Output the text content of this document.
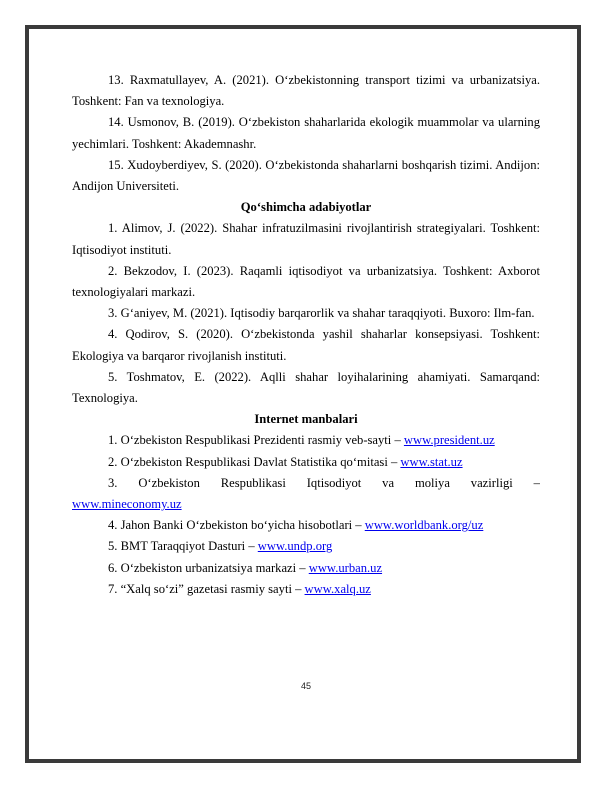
13. Raxmatullayev, A. (2021). O‘zbekistonning transport tizimi va urbanizatsiya. Toshkent: Fan va texnologiya.

14. Usmonov, B. (2019). O‘zbekiston shaharlarida ekologik muammolar va ularning yechimlari. Toshkent: Akademnashr.

15. Xudoyberdiyev, S. (2020). O‘zbekistonda shaharlarni boshqarish tizimi. Andijon: Andijon Universiteti.

Qo‘shimcha adabiyotlar

1. Alimov, J. (2022). Shahar infratuzilmasini rivojlantirish strategiyalari. Toshkent: Iqtisodiyot instituti.

2. Bekzodov, I. (2023). Raqamli iqtisodiyot va urbanizatsiya. Toshkent: Axborot texnologiyalari markazi.

3. G‘aniyev, M. (2021). Iqtisodiy barqarorlik va shahar taraqqiyoti. Buxoro: Ilm-fan.

4. Qodirov, S. (2020). O‘zbekistonda yashil shaharlar konsepsiyasi. Toshkent: Ekologiya va barqaror rivojlanish instituti.

5. Toshmatov, E. (2022). Aqlli shahar loyihalarining ahamiyati. Samarqand: Texnologiya.

Internet manbalari

1. O‘zbekiston Respublikasi Prezidenti rasmiy veb-sayti – www.president.uz

2. O‘zbekiston Respublikasi Davlat Statistika qo‘mitasi – www.stat.uz

3. O‘zbekiston Respublikasi Iqtisodiyot va moliya vazirligi –
www.mineconomy.uz

4. Jahon Banki O‘zbekiston bo‘yicha hisobotlari – www.worldbank.org/uz

5. BMT Taraqqiyot Dasturi – www.undp.org

6. O‘zbekiston urbanizatsiya markazi – www.urban.uz

7. “Xalq so‘zi” gazetasi rasmiy sayti – www.xalq.uz

45
